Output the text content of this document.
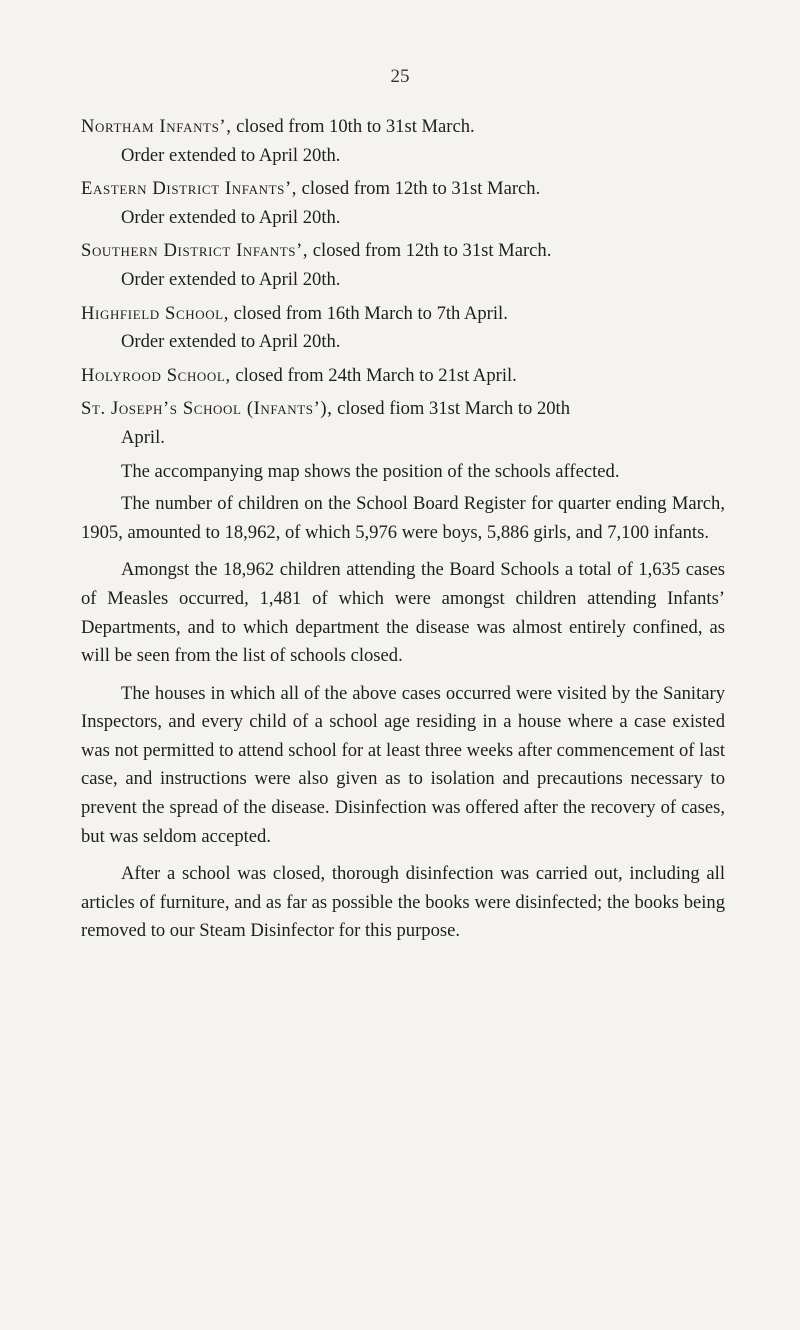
25
Northam Infants’, closed from 10th to 31st March.
Order extended to April 20th.
Eastern District Infants’, closed from 12th to 31st March.
Order extended to April 20th.
Southern District Infants’, closed from 12th to 31st March.
Order extended to April 20th.
Highfield School, closed from 16th March to 7th April.
Order extended to April 20th.
Holyrood School, closed from 24th March to 21st April.
St. Joseph’s School (Infants’), closed fiom 31st March to 20th
April.

The accompanying map shows the position of the schools affected.

The number of children on the School Board Register for quarter ending March, 1905, amounted to 18,962, of which 5,976 were boys, 5,886 girls, and 7,100 infants.

Amongst the 18,962 children attending the Board Schools a total of 1,635 cases of Measles occurred, 1,481 of which were amongst children attending Infants’ Departments, and to which department the disease was almost entirely confined, as will be seen from the list of schools closed.

The houses in which all of the above cases occurred were visited by the Sanitary Inspectors, and every child of a school age residing in a house where a case existed was not permitted to attend school for at least three weeks after commencement of last case, and instructions were also given as to isolation and precautions necessary to prevent the spread of the disease. Disinfection was offered after the recovery of cases, but was seldom accepted.

After a school was closed, thorough disinfection was carried out, including all articles of furniture, and as far as possible the books were disinfected; the books being removed to our Steam Disinfector for this purpose.
